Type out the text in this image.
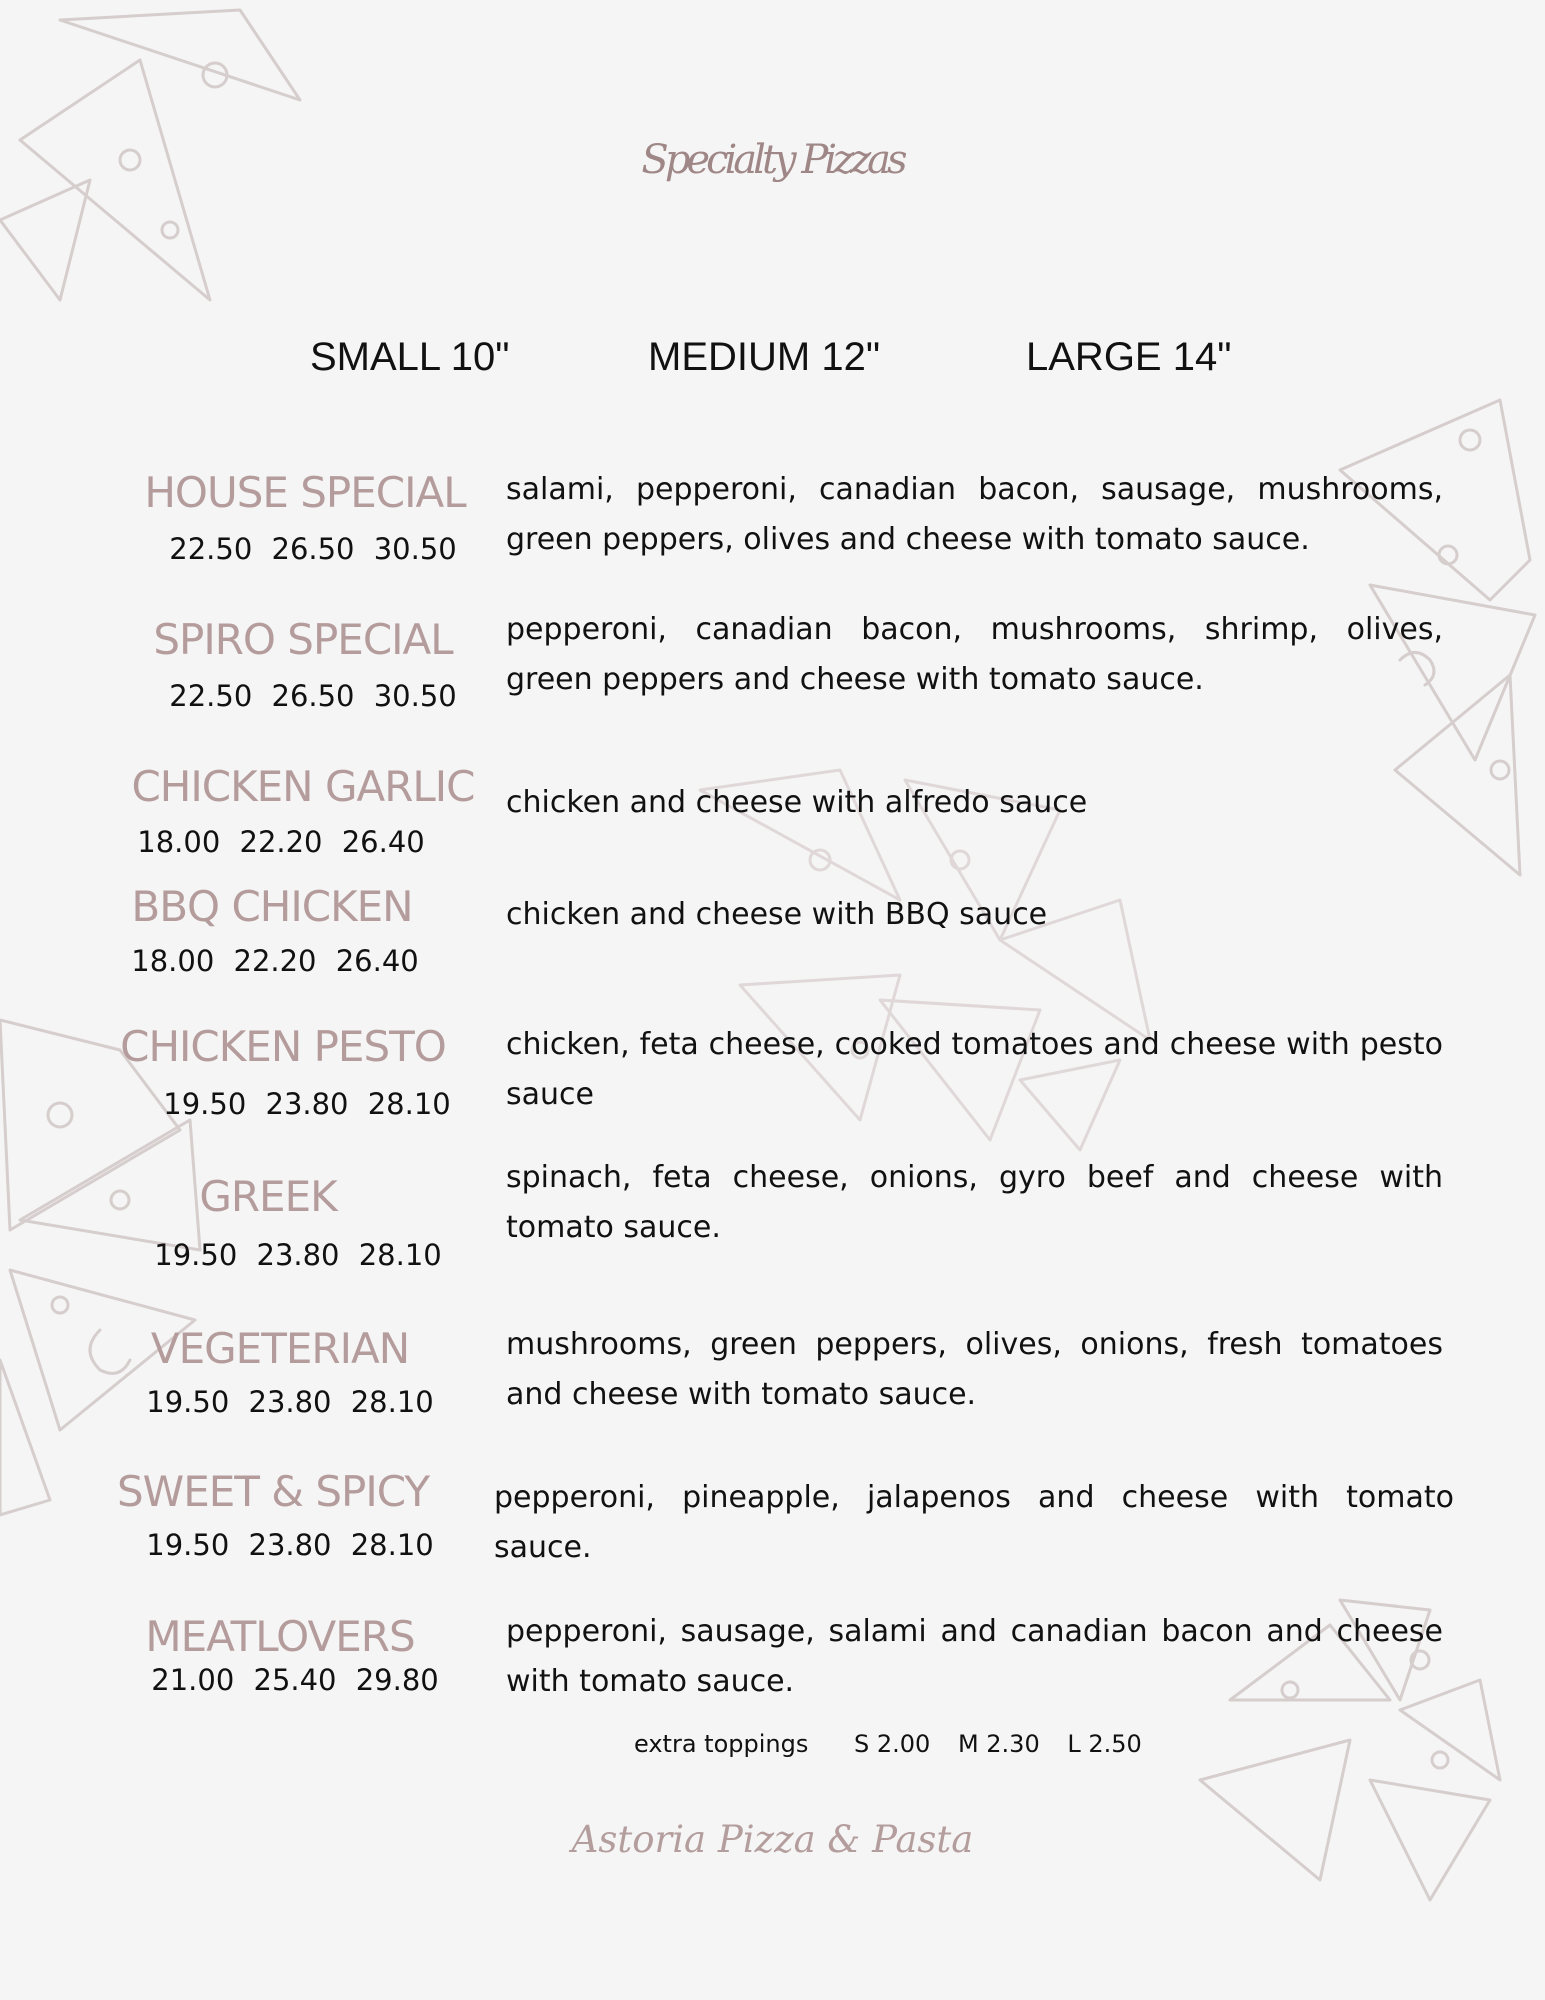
Specialty Pizzas
SMALL 10"	MEDIUM 12"	LARGE 14"
HOUSE SPECIAL
22.50 26.50 30.50
salami, pepperoni, canadian bacon, sausage, mushrooms, green peppers, olives and cheese with tomato sauce.
SPIRO SPECIAL
22.50 26.50 30.50
pepperoni, canadian bacon, mushrooms, shrimp, olives, green peppers and cheese with tomato sauce.
CHICKEN GARLIC
18.00 22.20 26.40
chicken and cheese with alfredo sauce
BBQ CHICKEN
18.00 22.20 26.40
chicken and cheese with BBQ sauce
CHICKEN PESTO
19.50 23.80 28.10
chicken, feta cheese, cooked tomatoes and cheese with pesto sauce
GREEK
19.50 23.80 28.10
spinach, feta cheese, onions, gyro beef and cheese with tomato sauce.
VEGETERIAN
19.50 23.80 28.10
mushrooms, green peppers, olives, onions, fresh tomatoes and cheese with tomato sauce.
SWEET & SPICY
19.50 23.80 28.10
pepperoni, pineapple, jalapenos and cheese with tomato sauce.
MEATLOVERS
21.00 25.40 29.80
pepperoni, sausage, salami and canadian bacon and cheese with tomato sauce.
extra toppings S 2.00 M 2.30 L 2.50
Astoria Pizza & Pasta
